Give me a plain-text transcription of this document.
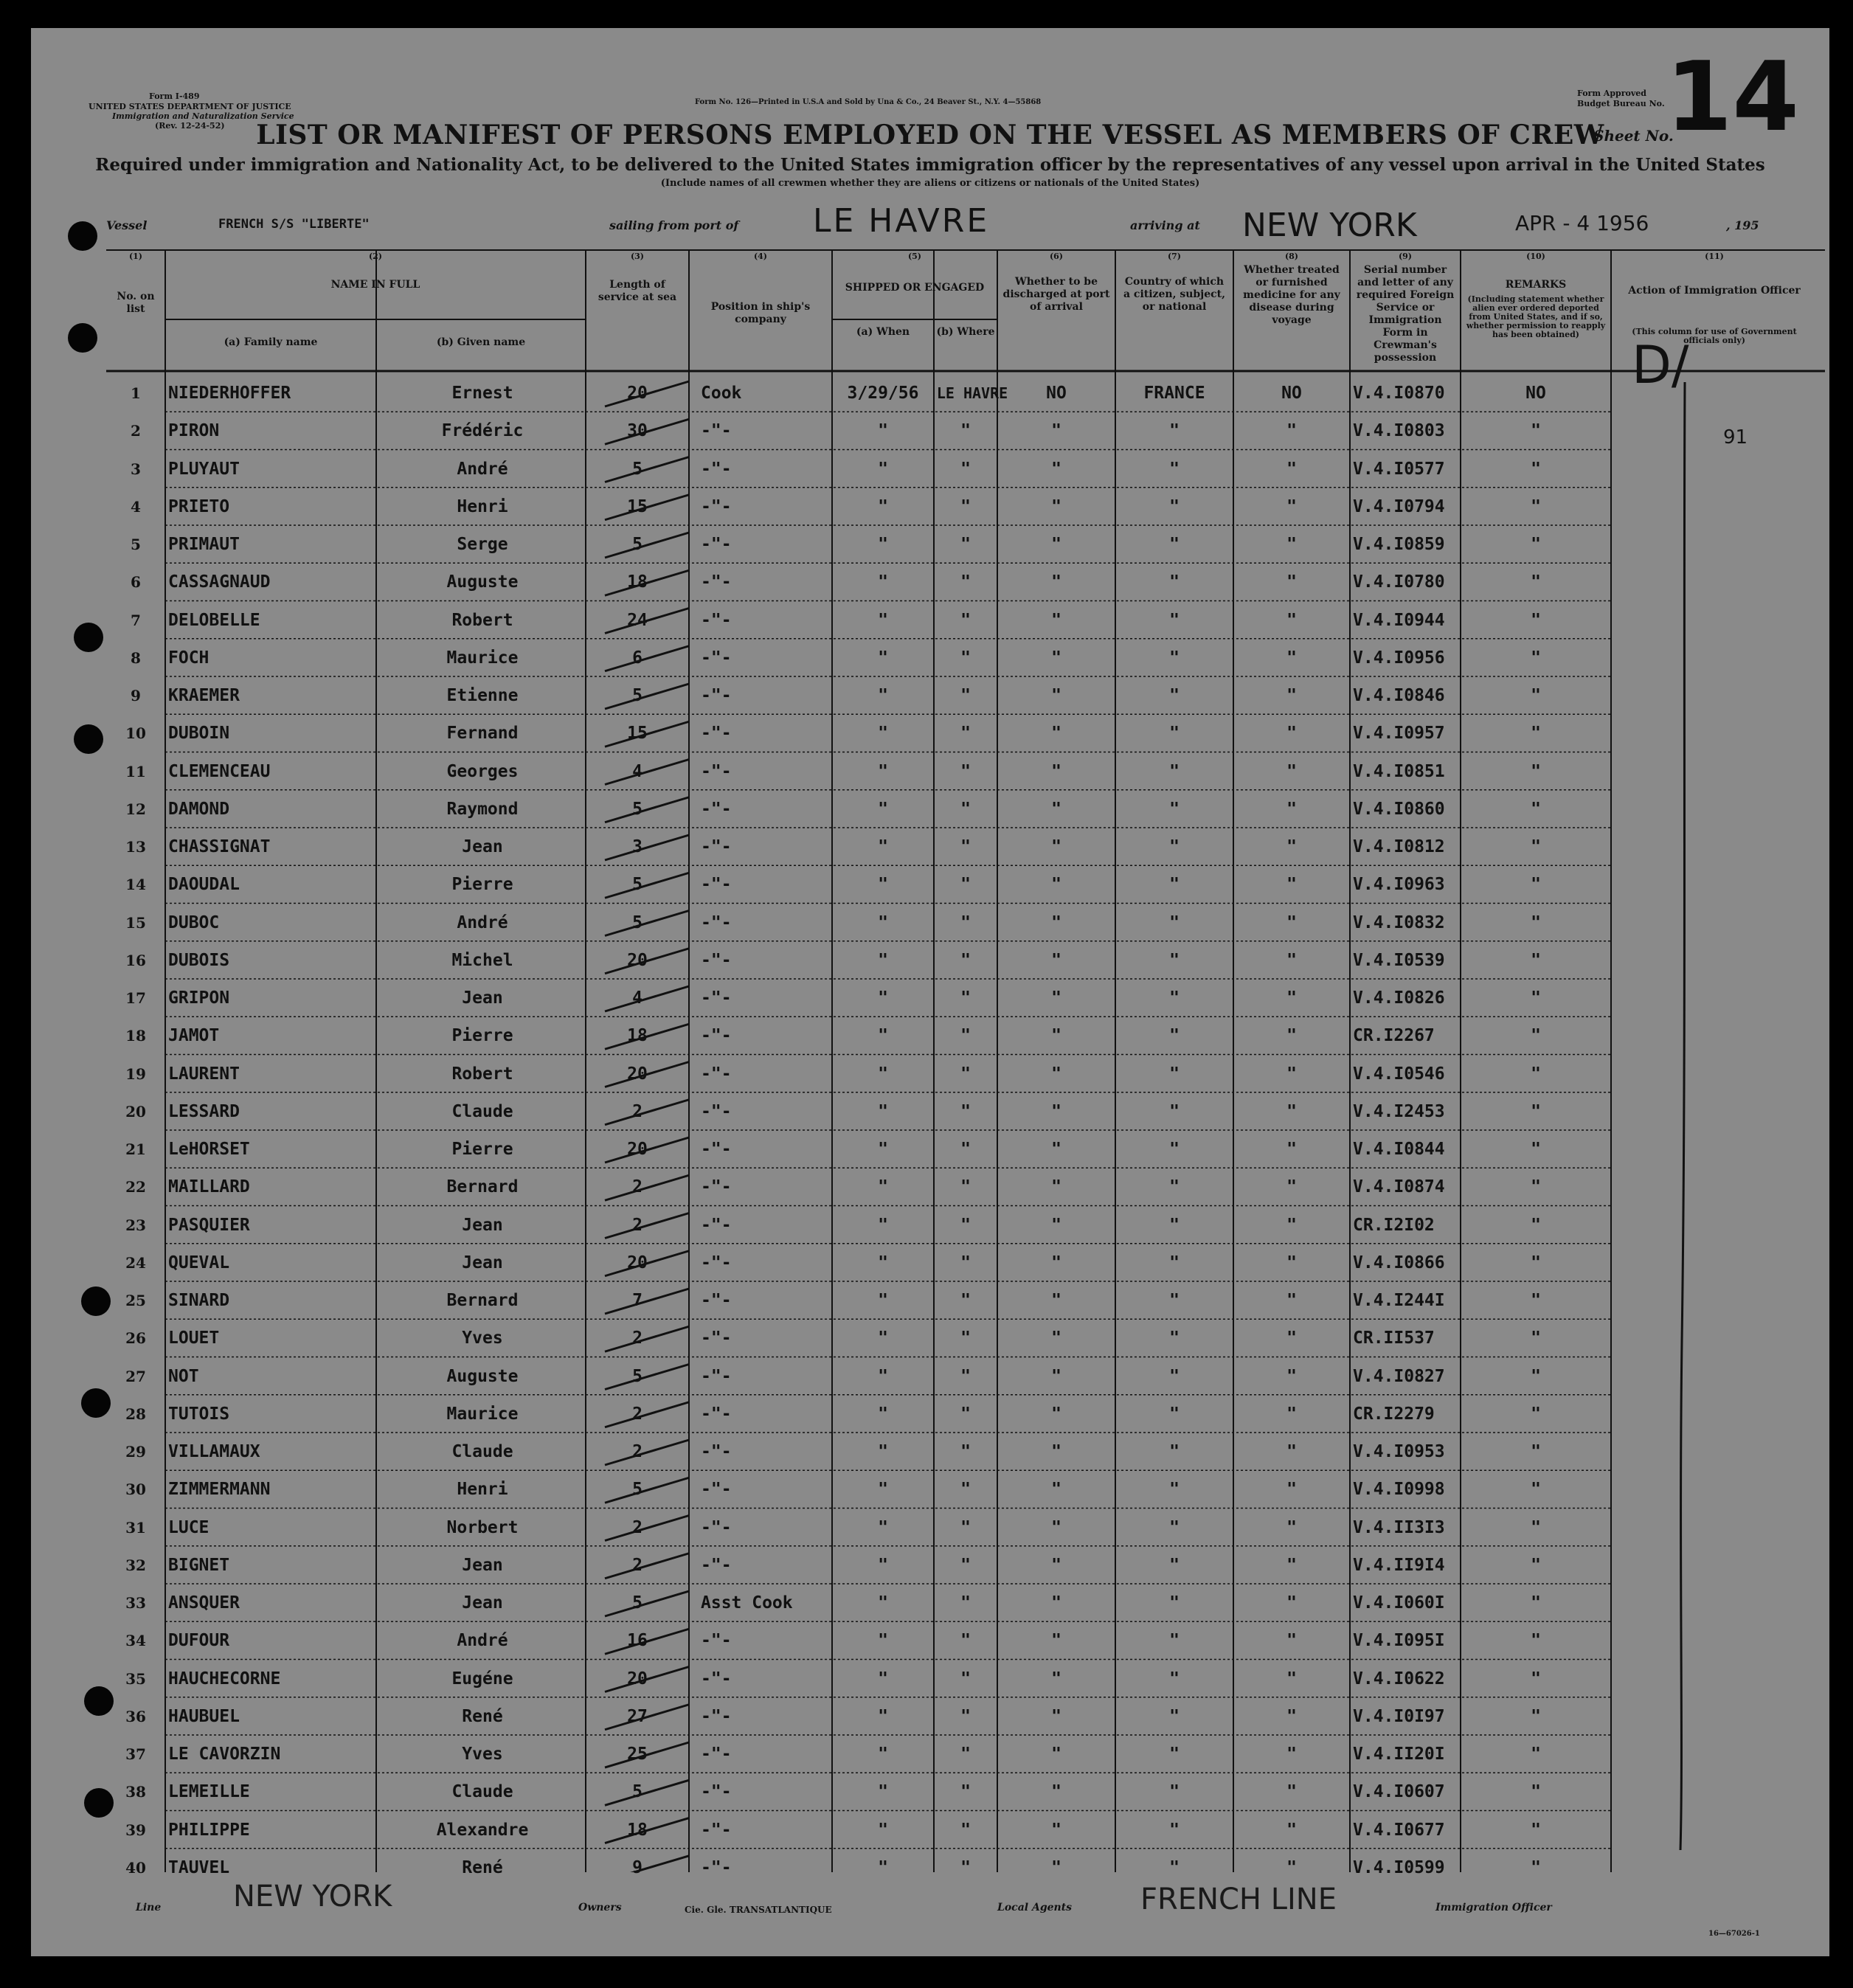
Form I-489
UNITED STATES DEPARTMENT OF JUSTICE
Immigration and Naturalization Service
(Rev. 12-24-52)
Form No. 126—Printed in U.S.A and Sold by Una & Co., 24 Beaver St., N.Y. 4—55868
Form Approved
Budget Bureau No.
Sheet No.
14
LIST OR MANIFEST OF PERSONS EMPLOYED ON THE VESSEL AS MEMBERS OF CREW
Required under immigration and Nationality Act, to be delivered to the United States immigration officer by the representatives of any vessel upon arrival in the United States
(Include names of all crewmen whether they are aliens or citizens or nationals of the United States)
Vessel	FRENCH S/S "LIBERTE"	sailing from port of LE HAVRE	arriving at NEW YORK	APR - 4 1956	, 195
(1)
No. on list
(2)
NAME IN FULL
(a) Family name	(b) Given name
(3)
Length of service at sea
(4)
Position in ship's company
(5)
SHIPPED OR ENGAGED
(a) When	(b) Where
(6)
Whether to be discharged at port of arrival
(7)
Country of which a citizen, subject, or national
(8)
Whether treated or furnished medicine for any disease during voyage
(9)
Serial number and letter of any required Foreign Service or Immigration Form in Crewman's possession
(10)
REMARKS
(Including statement whether alien ever ordered deported from United States, and if so, whether permission to reapply has been obtained)
(11)
Action of Immigration Officer
(This column for use of Government officials only)
1	NIEDERHOFFER	Ernest	20	Cook	3/29/56	LE HAVRE	NO	FRANCE	NO	V.4.I0870	NO
2	PIRON	Frédéric	30	-"-	"	"	"	"	"	V.4.I0803	"
3	PLUYAUT	André	5	-"-	"	"	"	"	"	V.4.I0577	"
4	PRIETO	Henri	15	-"-	"	"	"	"	"	V.4.I0794	"
5	PRIMAUT	Serge	5	-"-	"	"	"	"	"	V.4.I0859	"
6	CASSAGNAUD	Auguste	18	-"-	"	"	"	"	"	V.4.I0780	"
7	DELOBELLE	Robert	24	-"-	"	"	"	"	"	V.4.I0944	"
8	FOCH	Maurice	6	-"-	"	"	"	"	"	V.4.I0956	"
9	KRAEMER	Etienne	5	-"-	"	"	"	"	"	V.4.I0846	"
10	DUBOIN	Fernand	15	-"-	"	"	"	"	"	V.4.I0957	"
11	CLEMENCEAU	Georges	4	-"-	"	"	"	"	"	V.4.I0851	"
12	DAMOND	Raymond	5	-"-	"	"	"	"	"	V.4.I0860	"
13	CHASSIGNAT	Jean	3	-"-	"	"	"	"	"	V.4.I0812	"
14	DAOUDAL	Pierre	5	-"-	"	"	"	"	"	V.4.I0963	"
15	DUBOC	André	5	-"-	"	"	"	"	"	V.4.I0832	"
16	DUBOIS	Michel	20	-"-	"	"	"	"	"	V.4.I0539	"
17	GRIPON	Jean	4	-"-	"	"	"	"	"	V.4.I0826	"
18	JAMOT	Pierre	18	-"-	"	"	"	"	"	CR.I2267	"
19	LAURENT	Robert	20	-"-	"	"	"	"	"	V.4.I0546	"
20	LESSARD	Claude	2	-"-	"	"	"	"	"	V.4.I2453	"
21	LeHORSET	Pierre	20	-"-	"	"	"	"	"	V.4.I0844	"
22	MAILLARD	Bernard	2	-"-	"	"	"	"	"	V.4.I0874	"
23	PASQUIER	Jean	2	-"-	"	"	"	"	"	CR.I2I02	"
24	QUEVAL	Jean	20	-"-	"	"	"	"	"	V.4.I0866	"
25	SINARD	Bernard	7	-"-	"	"	"	"	"	V.4.I244I	"
26	LOUET	Yves	2	-"-	"	"	"	"	"	CR.II537	"
27	NOT	Auguste	5	-"-	"	"	"	"	"	V.4.I0827	"
28	TUTOIS	Maurice	2	-"-	"	"	"	"	"	CR.I2279	"
29	VILLAMAUX	Claude	2	-"-	"	"	"	"	"	V.4.I0953	"
30	ZIMMERMANN	Henri	5	-"-	"	"	"	"	"	V.4.I0998	"
31	LUCE	Norbert	2	-"-	"	"	"	"	"	V.4.II3I3	"
32	BIGNET	Jean	2	-"-	"	"	"	"	"	V.4.II9I4	"
33	ANSQUER	Jean	5	Asst Cook	"	"	"	"	"	V.4.I060I	"
34	DUFOUR	André	16	-"-	"	"	"	"	"	V.4.I095I	"
35	HAUCHECORNE	Eugéne	20	-"-	"	"	"	"	"	V.4.I0622	"
36	HAUBUEL	René	27	-"-	"	"	"	"	"	V.4.I0I97	"
37	LE CAVORZIN	Yves	25	-"-	"	"	"	"	"	V.4.II20I	"
38	LEMEILLE	Claude	5	-"-	"	"	"	"	"	V.4.I0607	"
39	PHILIPPE	Alexandre	18	-"-	"	"	"	"	"	V.4.I0677	"
40	TAUVEL	René	9	-"-	"	"	"	"	"	V.4.I0599	"
D/
91
Line NEW YORK	Owners	Cie. Gle. TRANSATLANTIQUE	Local Agents FRENCH LINE	Immigration Officer
16—67026-1
